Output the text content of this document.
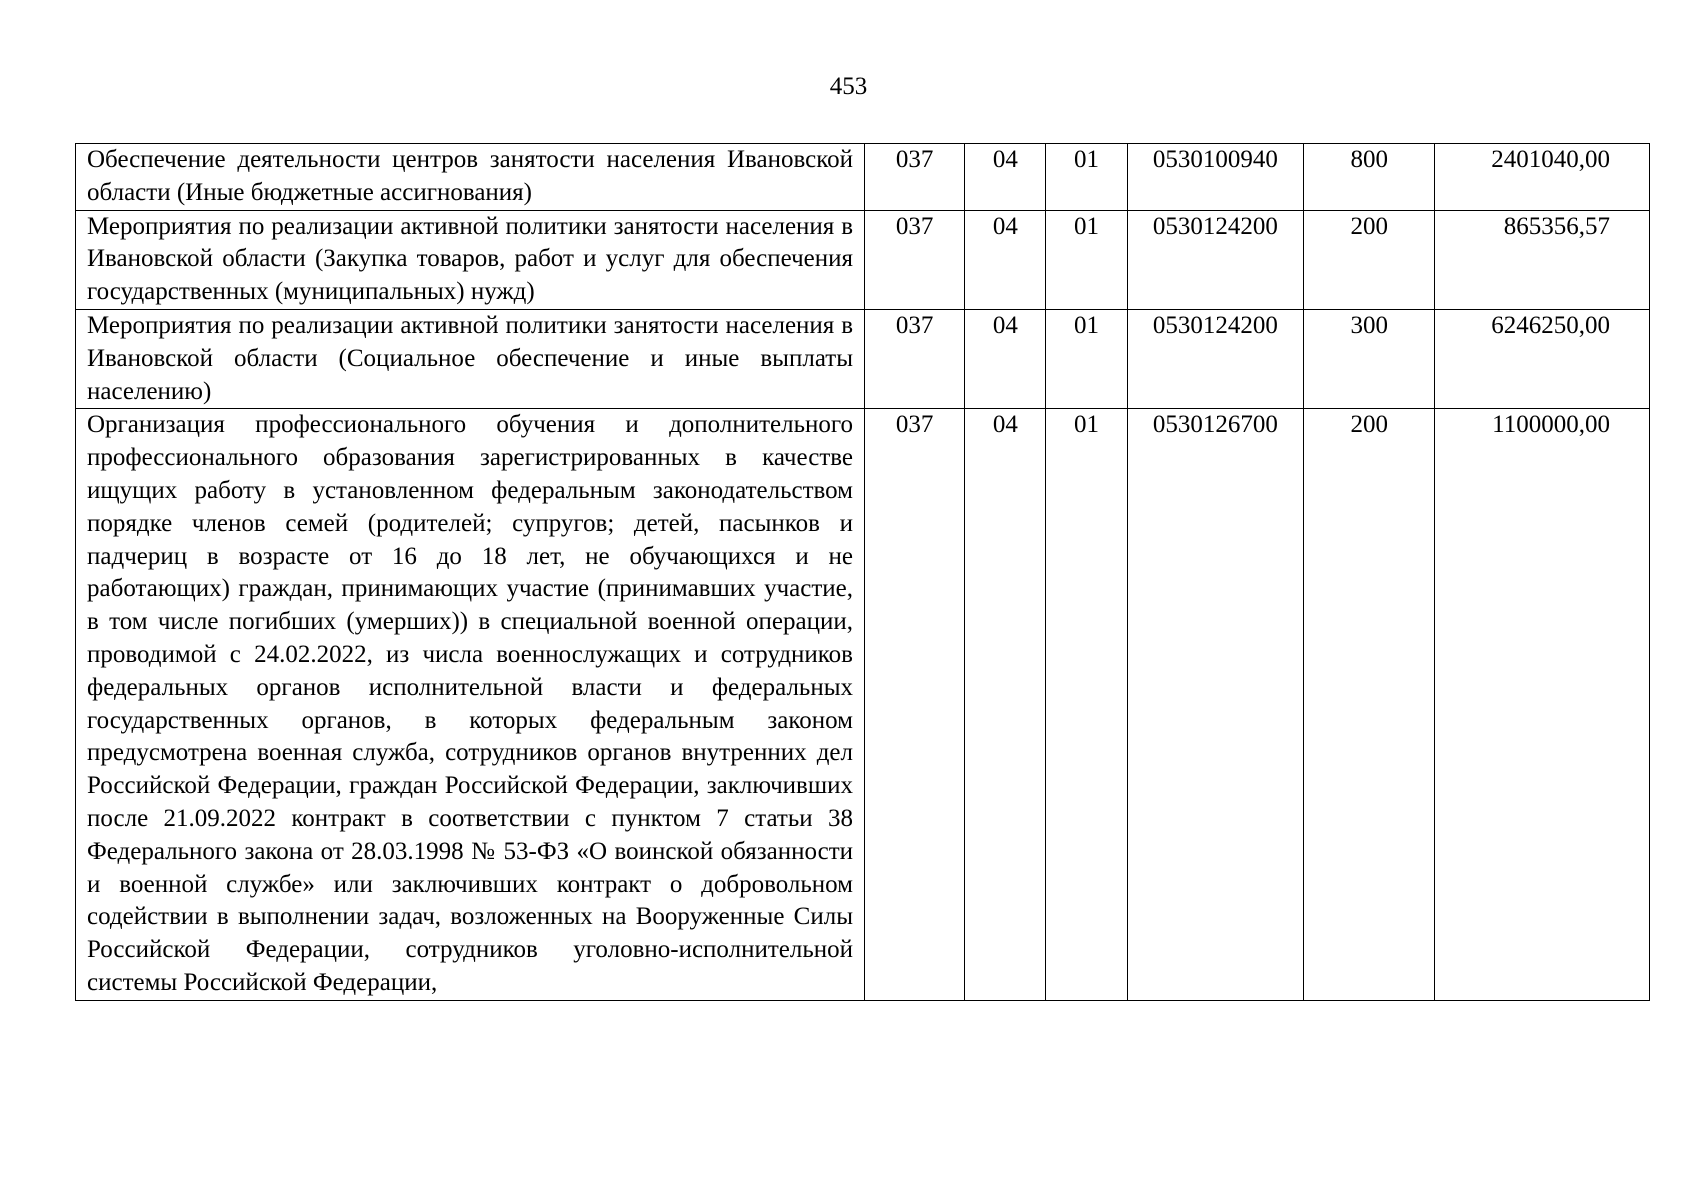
453
Обеспечение деятельности центров занятости населения Ивановской области (Иные бюджетные ассигнования)	037	04	01	0530100940	800	2401040,00
Мероприятия по реализации активной политики занятости населения в Ивановской области (Закупка товаров, работ и услуг для обеспечения государственных (муниципальных) нужд)	037	04	01	0530124200	200	865356,57
Мероприятия по реализации активной политики занятости населения в Ивановской области (Социальное обеспечение и иные выплаты населению)	037	04	01	0530124200	300	6246250,00
Организация профессионального обучения и дополнительного профессионального образования зарегистрированных в качестве ищущих работу в установленном федеральным законодательством порядке членов семей (родителей; супругов; детей, пасынков и падчериц в возрасте от 16 до 18 лет, не обучающихся и не работающих) граждан, принимающих участие (принимавших участие, в том числе погибших (умерших)) в специальной военной операции, проводимой с 24.02.2022, из числа военнослужащих и сотрудников федеральных органов исполнительной власти и федеральных государственных органов, в которых федеральным законом предусмотрена военная служба, сотрудников органов внутренних дел Российской Федерации, граждан Российской Федерации, заключивших после 21.09.2022 контракт в соответствии с пунктом 7 статьи 38 Федерального закона от 28.03.1998 № 53-ФЗ «О воинской обязанности и военной службе» или заключивших контракт о добровольном содействии в выполнении задач, возложенных на Вооруженные Силы Российской Федерации, сотрудников уголовно-исполнительной системы Российской Федерации,	037	04	01	0530126700	200	1100000,00
